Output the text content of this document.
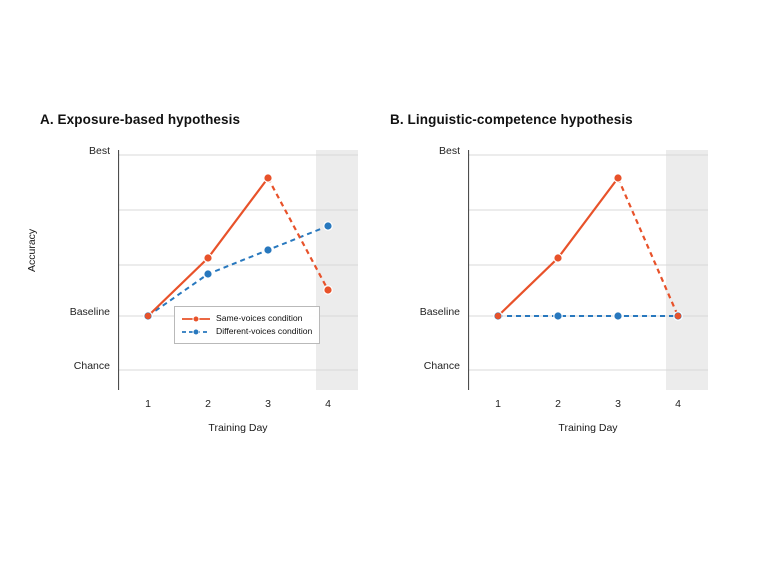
A. Exposure-based hypothesis
Accuracy
Best
Baseline
Chance
Same-voices condition
Different-voices condition
1	2	3	4
Training Day
B. Linguistic-competence hypothesis
Best
Baseline
Chance
1	2	3	4
Training Day
